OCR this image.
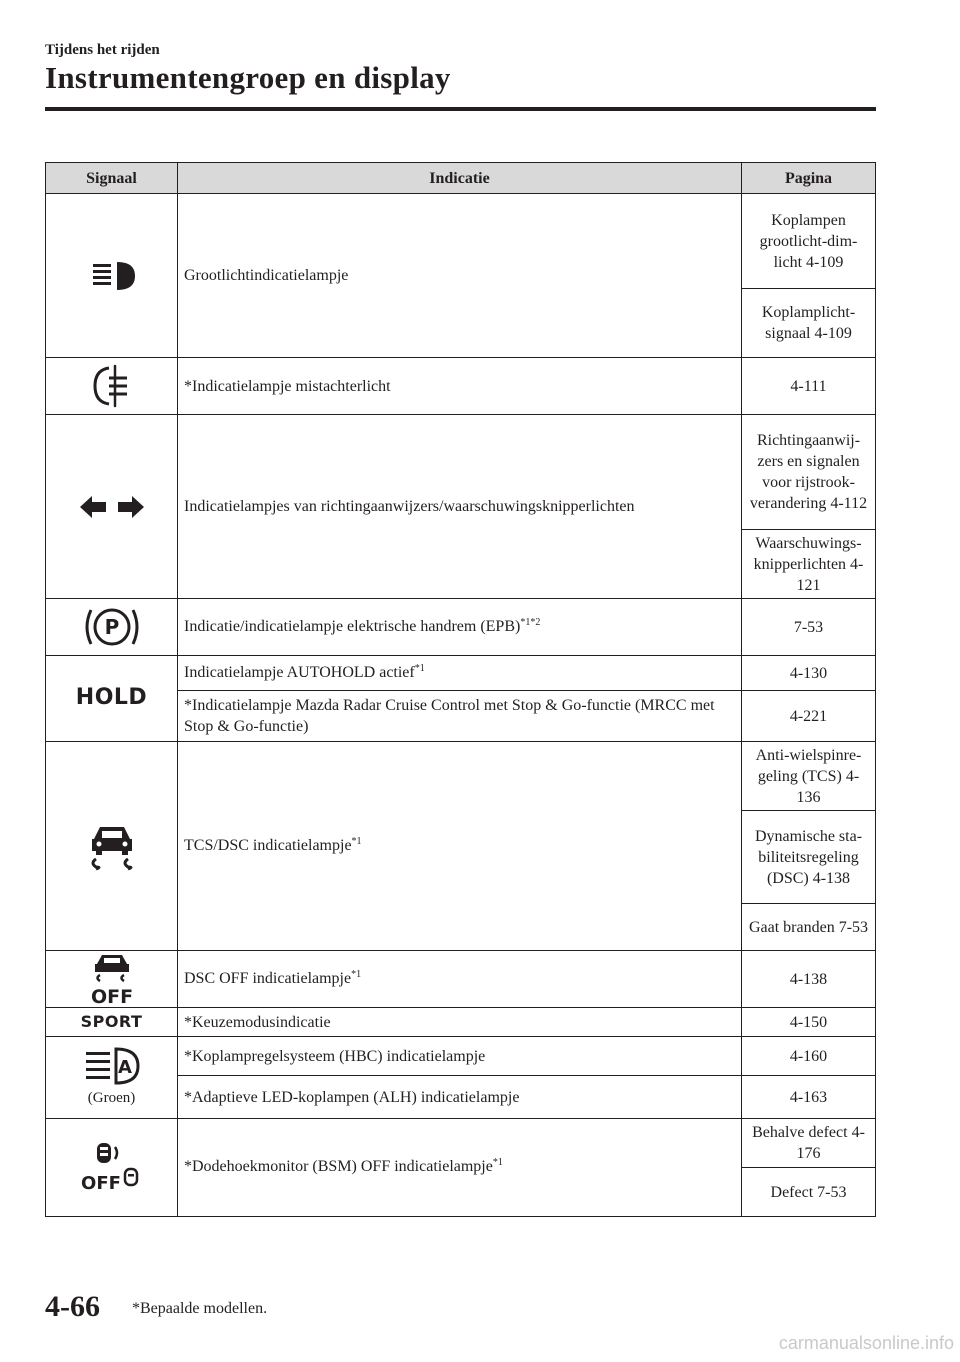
Tijdens het rijden
Instrumentengroep en display
Signaal	Indicatie	Pagina
	Grootlichtindicatielampje	Koplampen grootlicht-dim-licht 4-109
		Koplamplicht-signaal 4-109
	*Indicatielampje mistachterlicht	4-111
	Indicatielampjes van richtingaanwijzers/waarschuwingsknipperlichten	Richtingaanwij-zers en signalen voor rijstrook-verandering 4-112
		Waarschuwings-knipperlichten 4-121

P	Indicatie/indicatielampje elektrische handrem (EPB)$^{*1*2}$	7-53
HOLD	Indicatielampje AUTOHOLD actief$^{*1}$	4-130
	*Indicatielampje Mazda Radar Cruise Control met Stop & Go-functie (MRCC met Stop & Go-functie)	4-221
	TCS/DSC indicatielampje$^{*1}$	Anti-wielspinre-geling (TCS) 4-136
		Dynamische sta-biliteitsregeling (DSC) 4-138
		Gaat branden 7-53

OFF	DSC OFF indicatielampje$^{*1}$	4-138
SPORT	*Keuzemodusindicatie	4-150

A
(Groen)	*Koplampregelsysteem (HBC) indicatielampje	4-160
	*Adaptieve LED-koplampen (ALH) indicatielampje	4-163

OFF	*Dodehoekmonitor (BSM) OFF indicatielampje$^{*1}$	Behalve defect 4-176
		Defect 7-53
4-66 *Bepaalde modellen.
carmanualsonline.info
